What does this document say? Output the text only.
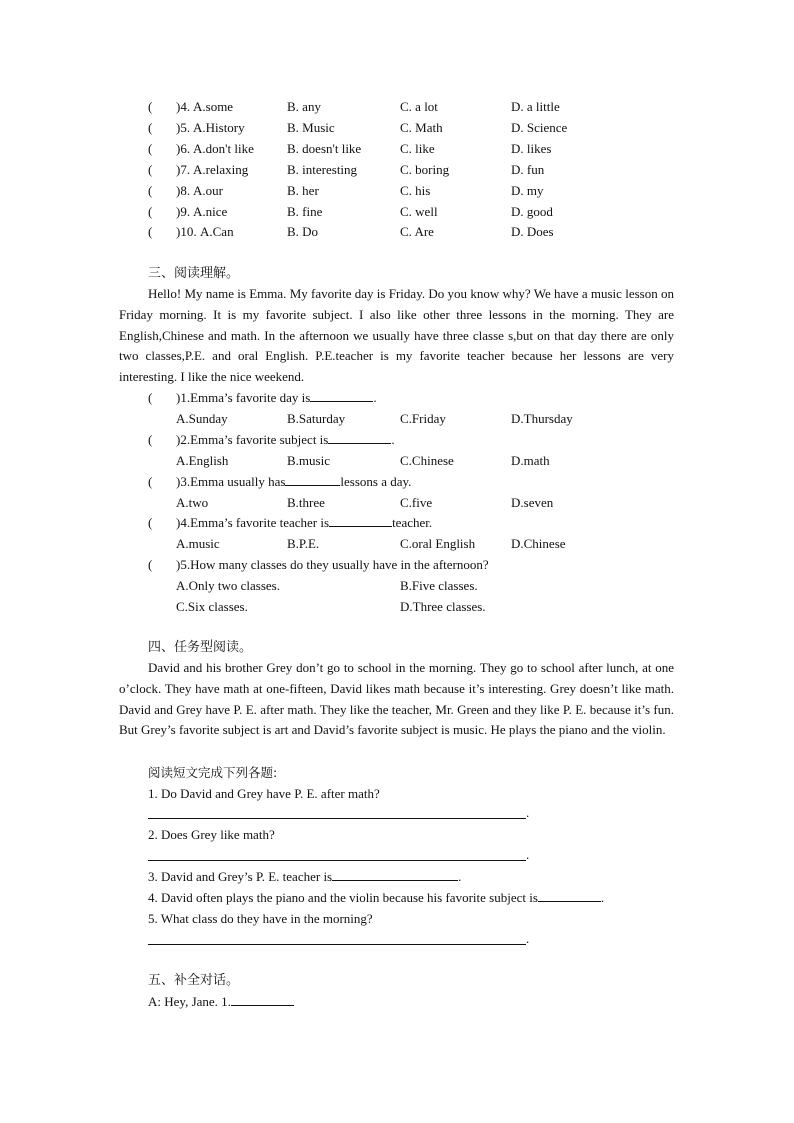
( )4. A.some	B. any	C. a lot	D. a little
( )5. A.History	B. Music	C. Math	D. Science
( )6. A.don't like	B. doesn't like	C. like	D. likes
( )7. A.relaxing	B. interesting	C. boring	D. fun
( )8. A.our	B. her	C. his	D. my
( )9. A.nice	B. fine	C. well	D. good
( )10. A.Can	B. Do	C. Are	D. Does
三、阅读理解。

Hello! My name is Emma. My favorite day is Friday. Do you know why? We have a music lesson on Friday morning. It is my favorite subject. I also like other three lessons in the morning. They are English,Chinese and math. In the afternoon we usually have three classe s,but on that day there are only two classes,P.E. and oral English. P.E.teacher is my favorite teacher because her lessons are very interesting. I like the nice weekend.

( )1.Emma’s favorite day is	.
A.Sunday	B.Saturday	C.Friday	D.Thursday
( )2.Emma’s favorite subject is	.
A.English	B.music	C.Chinese	D.math
( )3.Emma usually has	lessons a day.
A.two	B.three	C.five	D.seven
( )4.Emma’s favorite teacher is	teacher.
A.music	B.P.E.	C.oral English	D.Chinese
( )5.How many classes do they usually have in the afternoon?
A.Only two classes.	B.Five classes.
C.Six classes.	D.Three classes.
四、任务型阅读。

David and his brother Grey don’t go to school in the morning. They go to school after lunch, at one o’clock. They have math at one-fifteen, David likes math because it’s interesting. Grey doesn’t like math. David and Grey have P. E. after math. They like the teacher, Mr. Green and they like P. E. because it’s fun. But Grey’s favorite subject is art and David’s favorite subject is music. He plays the piano and the violin.

阅读短文完成下列各题:
1. Do David and Grey have P. E. after math?
.
2. Does Grey like math?
.
3. David and Grey’s P. E. teacher is	.
4. David often plays the piano and the violin because his favorite subject is	.
5. What class do they have in the morning?
.
五、补全对话。
A: Hey, Jane. 1.
